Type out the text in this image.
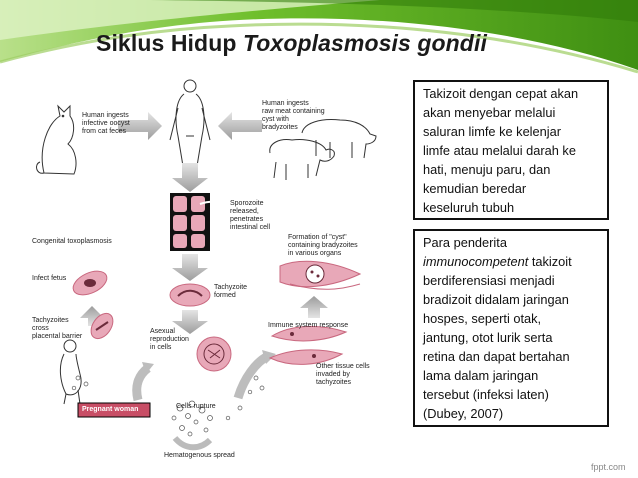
Siklus Hidup Toxoplasmosis gondii
Human ingests
infective oocyst
from cat feces
Human ingests
raw meat containing
cyst with
bradyzoites
Sporozoite
released,
penetrates
intestinal cell
Congenital toxoplasmosis
Formation of "cyst"
containing bradyzoites
in various organs
Infect fetus
Tachyzoite
formed
Tachyzoites
cross
placental barrier
Asexual
reproduction
in cells
Immune system response
Other tissue cells
invaded by
tachyzoites
Pregnant woman	Cells rupture
Hematogenous spread
Takizoit dengan cepat akan
akan menyebar melalui
saluran limfe ke kelenjar
limfe atau melalui darah ke
hati, menuju paru, dan
kemudian beredar
keseluruh tubuh
Para penderita
immunocompetent takizoit
berdiferensiasi menjadi
bradizoit didalam jaringan
hospes, seperti otak,
jantung, otot lurik serta
retina dan dapat bertahan
lama dalam jaringan
tersebut (infeksi laten)
(Dubey, 2007)
fppt.com
